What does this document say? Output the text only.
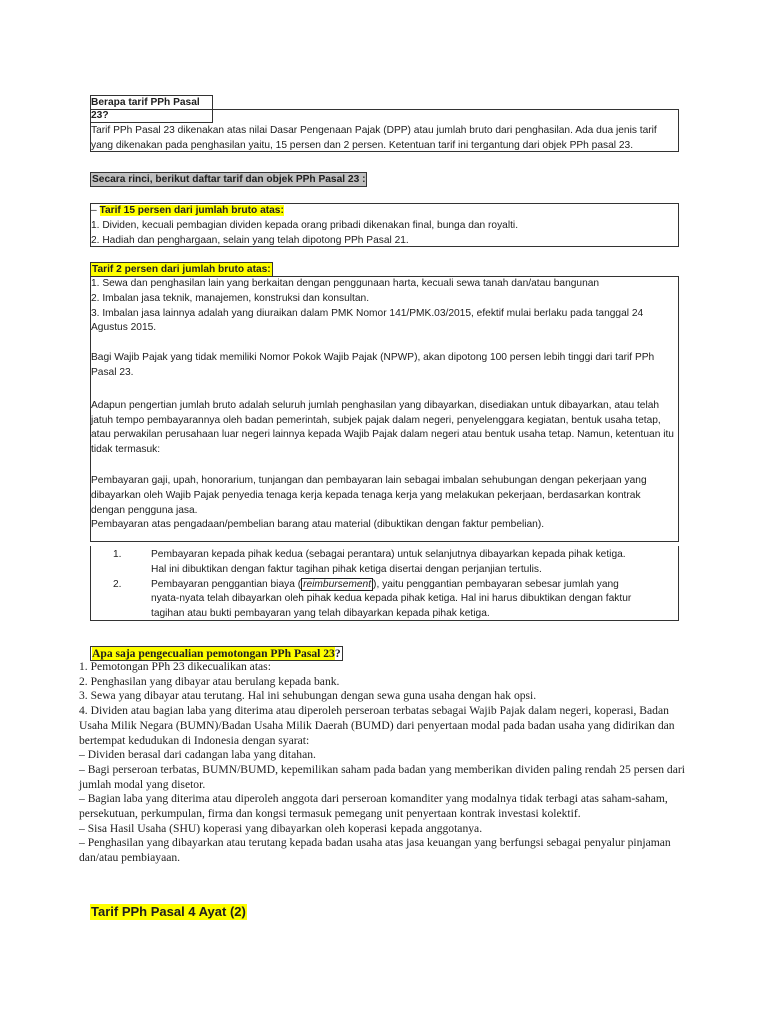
Berapa tarif PPh Pasal 23?

Tarif PPh Pasal 23 dikenakan atas nilai Dasar Pengenaan Pajak (DPP) atau jumlah bruto dari penghasilan. Ada dua jenis tarif yang dikenakan pada penghasilan yaitu, 15 persen dan 2 persen. Ketentuan tarif ini tergantung dari objek PPh pasal 23.

Secara rinci, berikut daftar tarif dan objek PPh Pasal 23 :
– Tarif 15 persen dari jumlah bruto atas:
1. Dividen, kecuali pembagian dividen kepada orang pribadi dikenakan final, bunga dan royalti.
2. Hadiah dan penghargaan, selain yang telah dipotong PPh Pasal 21.
Tarif 2 persen dari jumlah bruto atas:
1. Sewa dan penghasilan lain yang berkaitan dengan penggunaan harta, kecuali sewa tanah dan/atau bangunan
2. Imbalan jasa teknik, manajemen, konstruksi dan konsultan.

3. Imbalan jasa lainnya adalah yang diuraikan dalam PMK Nomor 141/PMK.03/2015, efektif mulai berlaku pada tanggal 24 Agustus 2015.

Bagi Wajib Pajak yang tidak memiliki Nomor Pokok Wajib Pajak (NPWP), akan dipotong 100 persen lebih tinggi dari tarif PPh Pasal 23.

Adapun pengertian jumlah bruto adalah seluruh jumlah penghasilan yang dibayarkan, disediakan untuk dibayarkan, atau telah jatuh tempo pembayarannya oleh badan pemerintah, subjek pajak dalam negeri, penyelenggara kegiatan, bentuk usaha tetap, atau perwakilan perusahaan luar negeri lainnya kepada Wajib Pajak dalam negeri atau bentuk usaha tetap. Namun, ketentuan itu tidak termasuk:

Pembayaran gaji, upah, honorarium, tunjangan dan pembayaran lain sebagai imbalan sehubungan dengan pekerjaan yang dibayarkan oleh Wajib Pajak penyedia tenaga kerja kepada tenaga kerja yang melakukan pekerjaan, berdasarkan kontrak dengan pengguna jasa.

Pembayaran atas pengadaan/pembelian barang atau material (dibuktikan dengan faktur pembelian).

1.	Pembayaran kepada pihak kedua (sebagai perantara) untuk selanjutnya dibayarkan kepada pihak ketiga. Hal ini dibuktikan dengan faktur tagihan pihak ketiga disertai dengan perjanjian tertulis.
2.	Pembayaran penggantian biaya ( reimbursement ), yaitu penggantian pembayaran sebesar jumlah yang nyata-nyata telah dibayarkan oleh pihak kedua kepada pihak ketiga. Hal ini harus dibuktikan dengan faktur tagihan atau bukti pembayaran yang telah dibayarkan kepada pihak ketiga.
Apa saja pengecualian pemotongan PPh Pasal 23?
1. Pemotongan PPh 23 dikecualikan atas:
2. Penghasilan yang dibayar atau berulang kepada bank.
3. Sewa yang dibayar atau terutang. Hal ini sehubungan dengan sewa guna usaha dengan hak opsi.

4. Dividen atau bagian laba yang diterima atau diperoleh perseroan terbatas sebagai Wajib Pajak dalam negeri, koperasi, Badan Usaha Milik Negara (BUMN)/Badan Usaha Milik Daerah (BUMD) dari penyertaan modal pada badan usaha yang didirikan dan bertempat kedudukan di Indonesia dengan syarat:

– Dividen berasal dari cadangan laba yang ditahan.

– Bagi perseroan terbatas, BUMN/BUMD, kepemilikan saham pada badan yang memberikan dividen paling rendah 25 persen dari jumlah modal yang disetor.

– Bagian laba yang diterima atau diperoleh anggota dari perseroan komanditer yang modalnya tidak terbagi atas saham-saham, persekutuan, perkumpulan, firma dan kongsi termasuk pemegang unit penyertaan kontrak investasi kolektif.

– Sisa Hasil Usaha (SHU) koperasi yang dibayarkan oleh koperasi kepada anggotanya.

– Penghasilan yang dibayarkan atau terutang kepada badan usaha atas jasa keuangan yang berfungsi sebagai penyalur pinjaman dan/atau pembiayaan.

Tarif PPh Pasal 4 Ayat (2)
